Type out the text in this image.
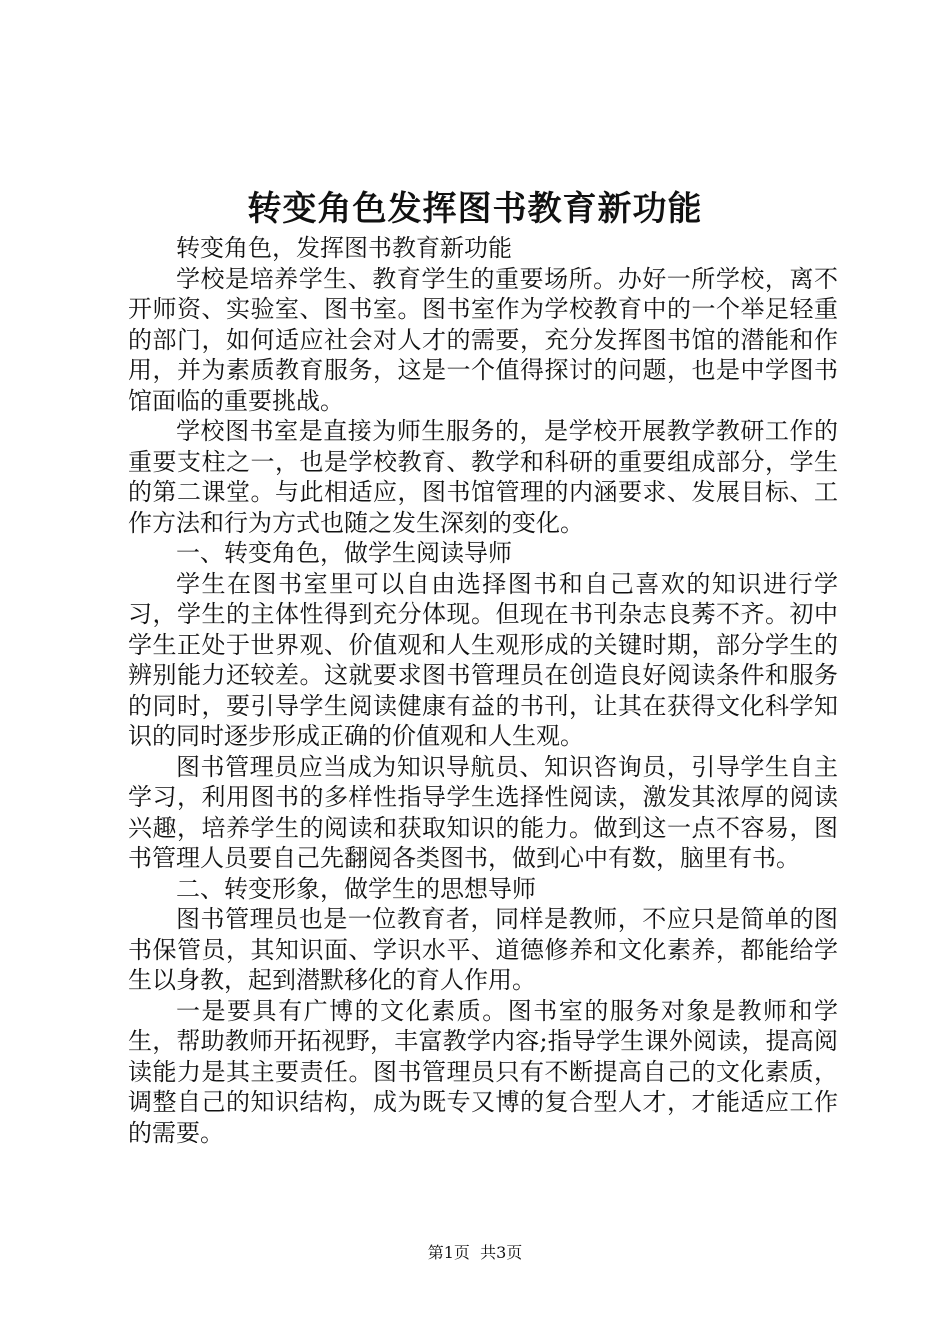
转变角色发挥图书教育新功能

转变角色，发挥图书教育新功能

学校是培养学生、教育学生的重要场所。办好一所学校，离不开师资、实验室、图书室。图书室作为学校教育中的一个举足轻重的部门，如何适应社会对人才的需要，充分发挥图书馆的潜能和作用，并为素质教育服务，这是一个值得探讨的问题，也是中学图书馆面临的重要挑战。

学校图书室是直接为师生服务的，是学校开展教学教研工作的重要支柱之一，也是学校教育、教学和科研的重要组成部分，学生的第二课堂。与此相适应，图书馆管理的内涵要求、发展目标、工作方法和行为方式也随之发生深刻的变化。

一、转变角色，做学生阅读导师

学生在图书室里可以自由选择图书和自己喜欢的知识进行学习，学生的主体性得到充分体现。但现在书刊杂志良莠不齐。初中学生正处于世界观、价值观和人生观形成的关键时期，部分学生的辨别能力还较差。这就要求图书管理员在创造良好阅读条件和服务的同时，要引导学生阅读健康有益的书刊，让其在获得文化科学知识的同时逐步形成正确的价值观和人生观。

图书管理员应当成为知识导航员、知识咨询员，引导学生自主学习，利用图书的多样性指导学生选择性阅读，激发其浓厚的阅读兴趣，培养学生的阅读和获取知识的能力。做到这一点不容易，图书管理人员要自己先翻阅各类图书，做到心中有数，脑里有书。

二、转变形象，做学生的思想导师

图书管理员也是一位教育者，同样是教师，不应只是简单的图书保管员，其知识面、学识水平、道德修养和文化素养，都能给学生以身教，起到潜默移化的育人作用。

一是要具有广博的文化素质。图书室的服务对象是教师和学生，帮助教师开拓视野，丰富教学内容;指导学生课外阅读，提高阅读能力是其主要责任。图书管理员只有不断提高自己的文化素质，调整自己的知识结构，成为既专又博的复合型人才，才能适应工作的需要。

第1页  共3页
